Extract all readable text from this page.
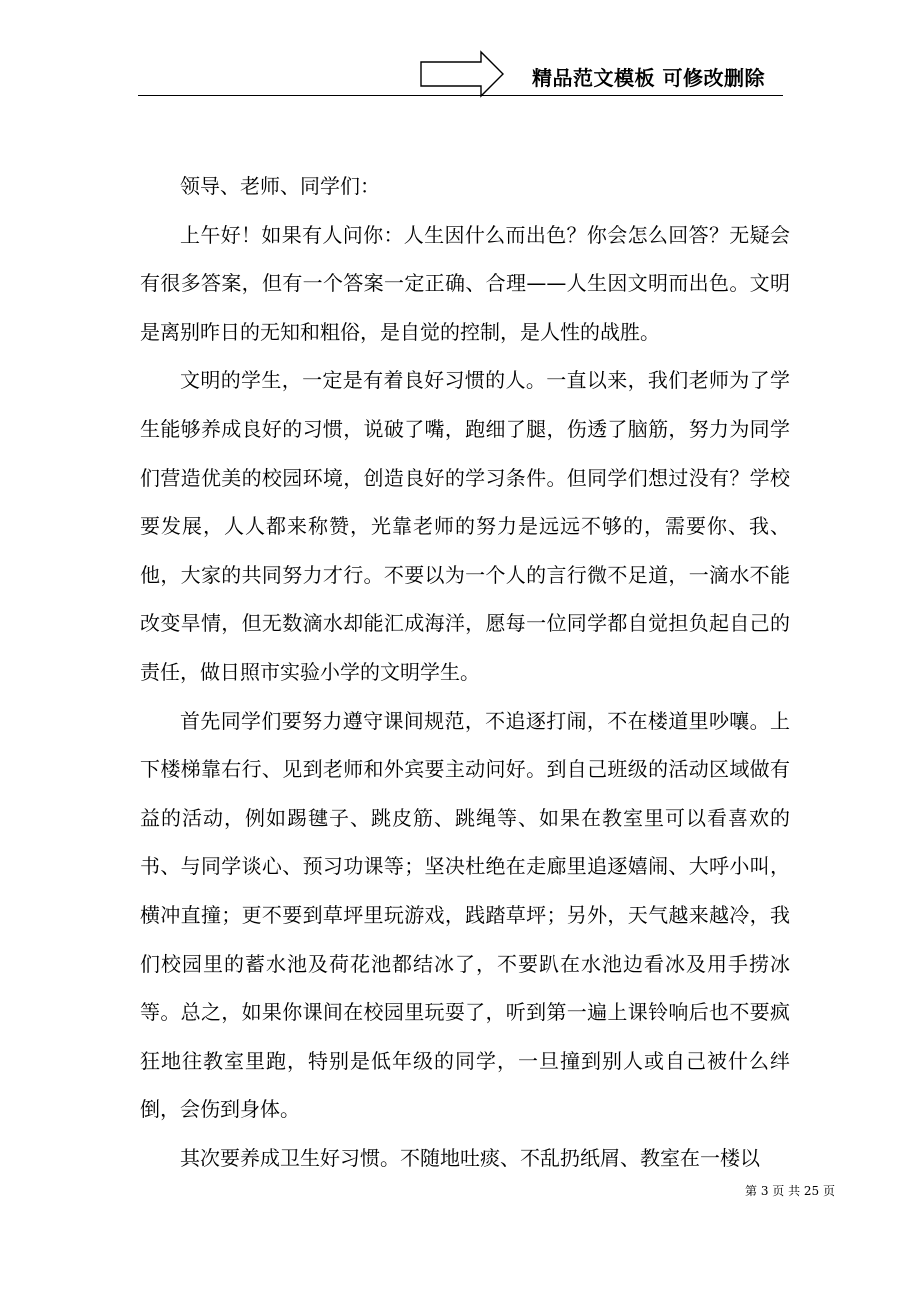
精品范文模板 可修改删除

领导、老师、同学们：

上午好！如果有人问你：人生因什么而出色？你会怎么回答？无疑会有很多答案，但有一个答案一定正确、合理——人生因文明而出色。文明是离别昨日的无知和粗俗，是自觉的控制，是人性的战胜。

文明的学生，一定是有着良好习惯的人。一直以来，我们老师为了学生能够养成良好的习惯，说破了嘴，跑细了腿，伤透了脑筋，努力为同学们营造优美的校园环境，创造良好的学习条件。但同学们想过没有？学校要发展，人人都来称赞，光靠老师的努力是远远不够的，需要你、我、他，大家的共同努力才行。不要以为一个人的言行微不足道，一滴水不能改变旱情，但无数滴水却能汇成海洋，愿每一位同学都自觉担负起自己的责任，做日照市实验小学的文明学生。

首先同学们要努力遵守课间规范，不追逐打闹，不在楼道里吵嚷。上下楼梯靠右行、见到老师和外宾要主动问好。到自己班级的活动区域做有益的活动，例如踢毽子、跳皮筋、跳绳等、如果在教室里可以看喜欢的书、与同学谈心、预习功课等；坚决杜绝在走廊里追逐嬉闹、大呼小叫，横冲直撞；更不要到草坪里玩游戏，践踏草坪；另外，天气越来越冷，我们校园里的蓄水池及荷花池都结冰了，不要趴在水池边看冰及用手捞冰等。总之，如果你课间在校园里玩耍了，听到第一遍上课铃响后也不要疯狂地往教室里跑，特别是低年级的同学，一旦撞到别人或自己被什么绊倒，会伤到身体。

其次要养成卫生好习惯。不随地吐痰、不乱扔纸屑、教室在一楼以

第 3 页 共 25 页
